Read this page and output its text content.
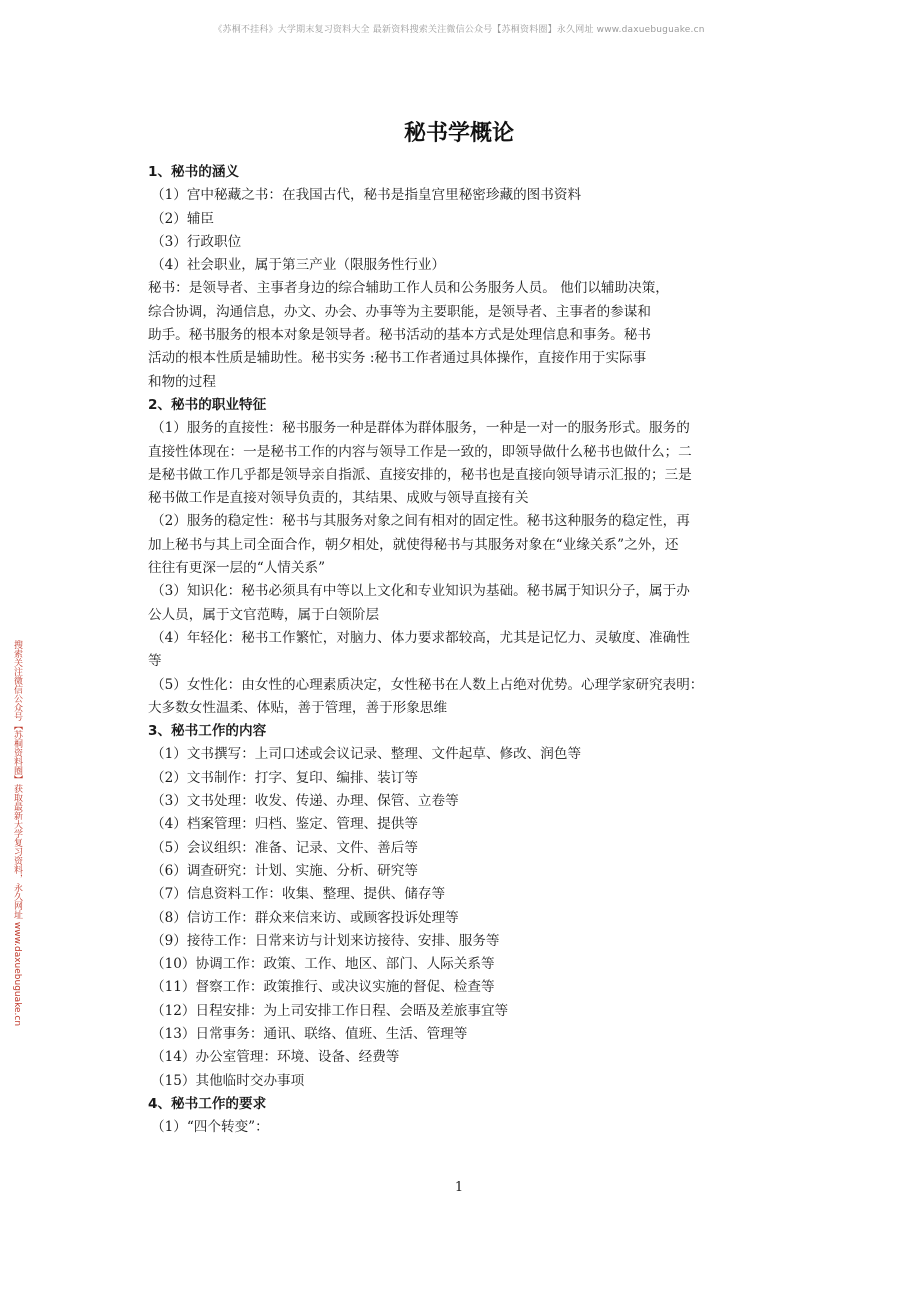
《苏桐不挂科》大学期末复习资料大全 最新资料搜索关注微信公众号【苏桐资料圈】永久网址 www.daxuebuguake.cn
搜索关注微信公众号【苏桐资料圈】获取最新大学复习资料，永久网址 www.daxuebuguake.cn
秘书学概论
1、秘书的涵义
（1）宫中秘藏之书：在我国古代，秘书是指皇宫里秘密珍藏的图书资料
（2）辅臣
（3）行政职位
（4）社会职业，属于第三产业（限服务性行业）
秘书：是领导者、主事者身边的综合辅助工作人员和公务服务人员。 他们以辅助决策，
综合协调，沟通信息，办文、办会、办事等为主要职能，是领导者、主事者的参谋和
助手。秘书服务的根本对象是领导者。秘书活动的基本方式是处理信息和事务。秘书
活动的根本性质是辅助性。秘书实务 :秘书工作者通过具体操作，直接作用于实际事
和物的过程
2、秘书的职业特征
（1）服务的直接性：秘书服务一种是群体为群体服务，一种是一对一的服务形式。服务的
直接性体现在：一是秘书工作的内容与领导工作是一致的，即领导做什么秘书也做什么；二
是秘书做工作几乎都是领导亲自指派、直接安排的，秘书也是直接向领导请示汇报的；三是
秘书做工作是直接对领导负责的，其结果、成败与领导直接有关
（2）服务的稳定性：秘书与其服务对象之间有相对的固定性。秘书这种服务的稳定性，再
加上秘书与其上司全面合作，朝夕相处，就使得秘书与其服务对象在“业缘关系”之外，还
往往有更深一层的“人情关系”
（3）知识化：秘书必须具有中等以上文化和专业知识为基础。秘书属于知识分子，属于办
公人员，属于文官范畴，属于白领阶层
（4）年轻化：秘书工作繁忙，对脑力、体力要求都较高，尤其是记忆力、灵敏度、准确性
等
（5）女性化：由女性的心理素质决定，女性秘书在人数上占绝对优势。心理学家研究表明：
大多数女性温柔、体贴，善于管理，善于形象思维
3、秘书工作的内容
（1）文书撰写：上司口述或会议记录、整理、文件起草、修改、润色等
（2）文书制作：打字、复印、编排、装订等
（3）文书处理：收发、传递、办理、保管、立卷等
（4）档案管理：归档、鉴定、管理、提供等
（5）会议组织：准备、记录、文件、善后等
（6）调查研究：计划、实施、分析、研究等
（7）信息资料工作：收集、整理、提供、储存等
（8）信访工作：群众来信来访、或顾客投诉处理等
（9）接待工作：日常来访与计划来访接待、安排、服务等
（10）协调工作：政策、工作、地区、部门、人际关系等
（11）督察工作：政策推行、或决议实施的督促、检查等
（12）日程安排：为上司安排工作日程、会晤及差旅事宜等
（13）日常事务：通讯、联络、值班、生活、管理等
（14）办公室管理：环境、设备、经费等
（15）其他临时交办事项
4、秘书工作的要求
（1）“四个转变”：
1
